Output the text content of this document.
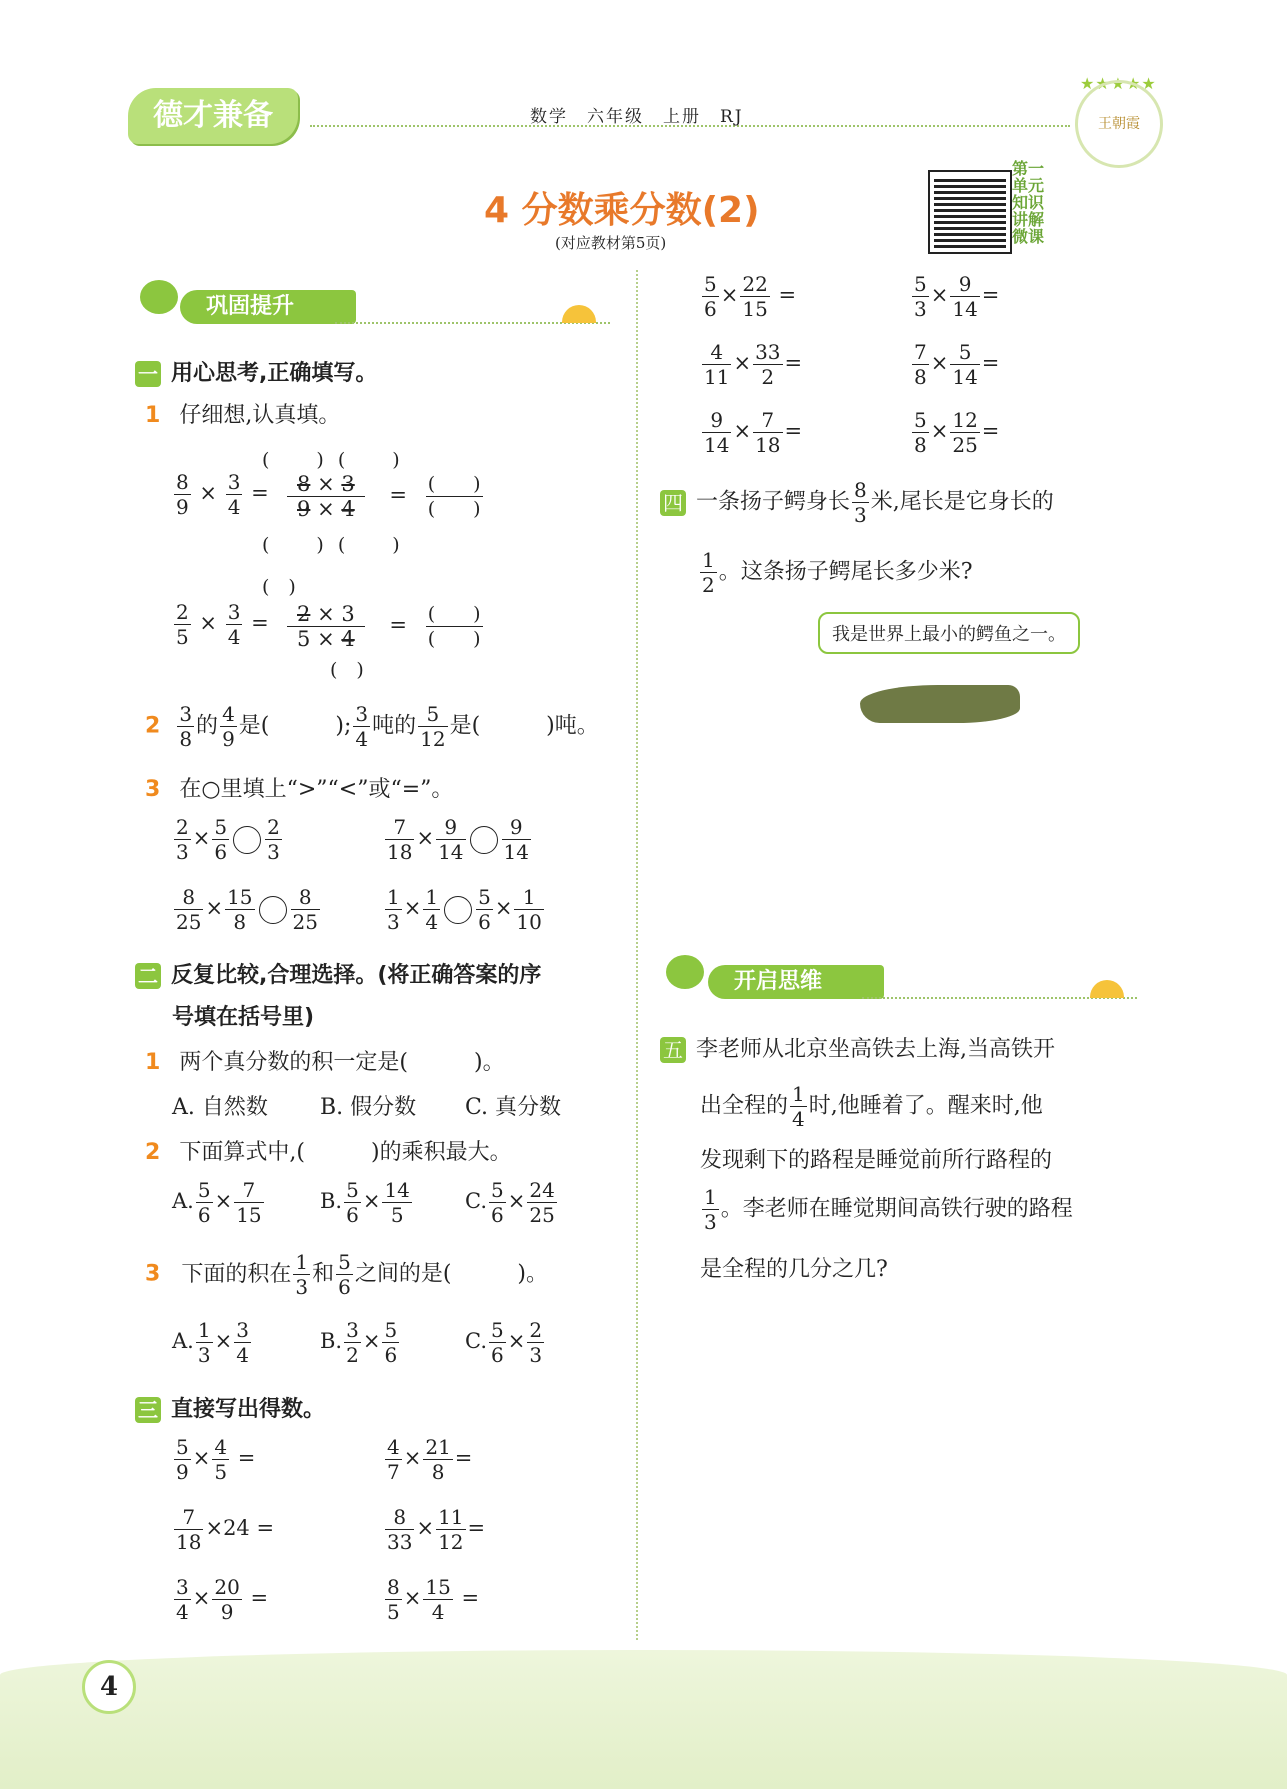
德才兼备	数学　六年级　上册　RJ
★★★★★
王朝霞
4 分数乘分数(2)
(对应教材第5页)
第一单元 知识讲解微课
巩固提升
一 用心思考,正确填写。
1 仔细想,认真填。
$\frac{8}{9} \times \frac{3}{4}$ =
(　)(　)
$\frac{8 \times 3}{9 \times 4} = \frac{( )}{( )}$
(　)(　)
(　)
$\frac{2}{5} \times \frac{3}{4} = \frac{2 \times 3}{5 \times 4} = \frac{( )}{( )}$
(　)
$2 \frac{3}{8}$ 的 $\frac{4}{9}$ 是(　　　); $\frac{3}{4}$ 吨的 $\frac{5}{12}$ 是(　　　)吨。
3 在○里填上“>”“<”或“=”。
$\frac{2}{3} \times \frac{5}{6} \frac{2}{3}$	$\frac{7}{18} \times \frac{9}{14} \frac{9}{14}$
$\frac{8}{25} \times \frac{15}{8} \frac{8}{25}$	$\frac{1}{3} \times \frac{1}{4} \frac{5}{6} \times \frac{1}{10}$
二 反复比较,合理选择。(将正确答案的序
号填在括号里)
1 两个真分数的积一定是(　　　)。
A. 自然数 B. 假分数 C. 真分数
2 下面算式中,(　　　)的乘积最大。
A. $\frac{5}{6} \times \frac{7}{15}$	B. $\frac{5}{6} \times \frac{14}{5}$	C. $\frac{5}{6} \times \frac{24}{25}$
3 下面的积在 $\frac{1}{3}$ 和 $\frac{5}{6}$ 之间的是(　　　)。
A. $\frac{1}{3} \times \frac{3}{4}$	B. $\frac{3}{2} \times \frac{5}{6}$	C. $\frac{5}{6} \times \frac{2}{3}$
三 直接写出得数。
$\frac{5}{9} \times \frac{4}{5}$ =	$\frac{4}{7} \times \frac{21}{8}$ =
$\frac{7}{18} \times 24$ =	$\frac{8}{33} \times \frac{11}{12}$ =
$\frac{3}{4} \times \frac{20}{9}$ =	$\frac{8}{5} \times \frac{15}{4}$ =
$\frac{5}{6} \times \frac{22}{15}$ =	$\frac{5}{3} \times \frac{9}{14}$ =
$\frac{4}{11} \times \frac{33}{2}$ =	$\frac{7}{8} \times \frac{5}{14}$ =
$\frac{9}{14} \times \frac{7}{18}$ =	$\frac{5}{8} \times \frac{12}{25}$ =
四 一条扬子鳄身长 $\frac{8}{3}$ 米,尾长是它身长的
$\frac{1}{2}$ 。这条扬子鳄尾长多少米?
我是世界上最小的鳄鱼之一。
开启思维
五 李老师从北京坐高铁去上海,当高铁开
出全程的 $\frac{1}{4}$ 时,他睡着了。醒来时,他
发现剩下的路程是睡觉前所行路程的
$\frac{1}{3}$ 。李老师在睡觉期间高铁行驶的路程
是全程的几分之几?
4
